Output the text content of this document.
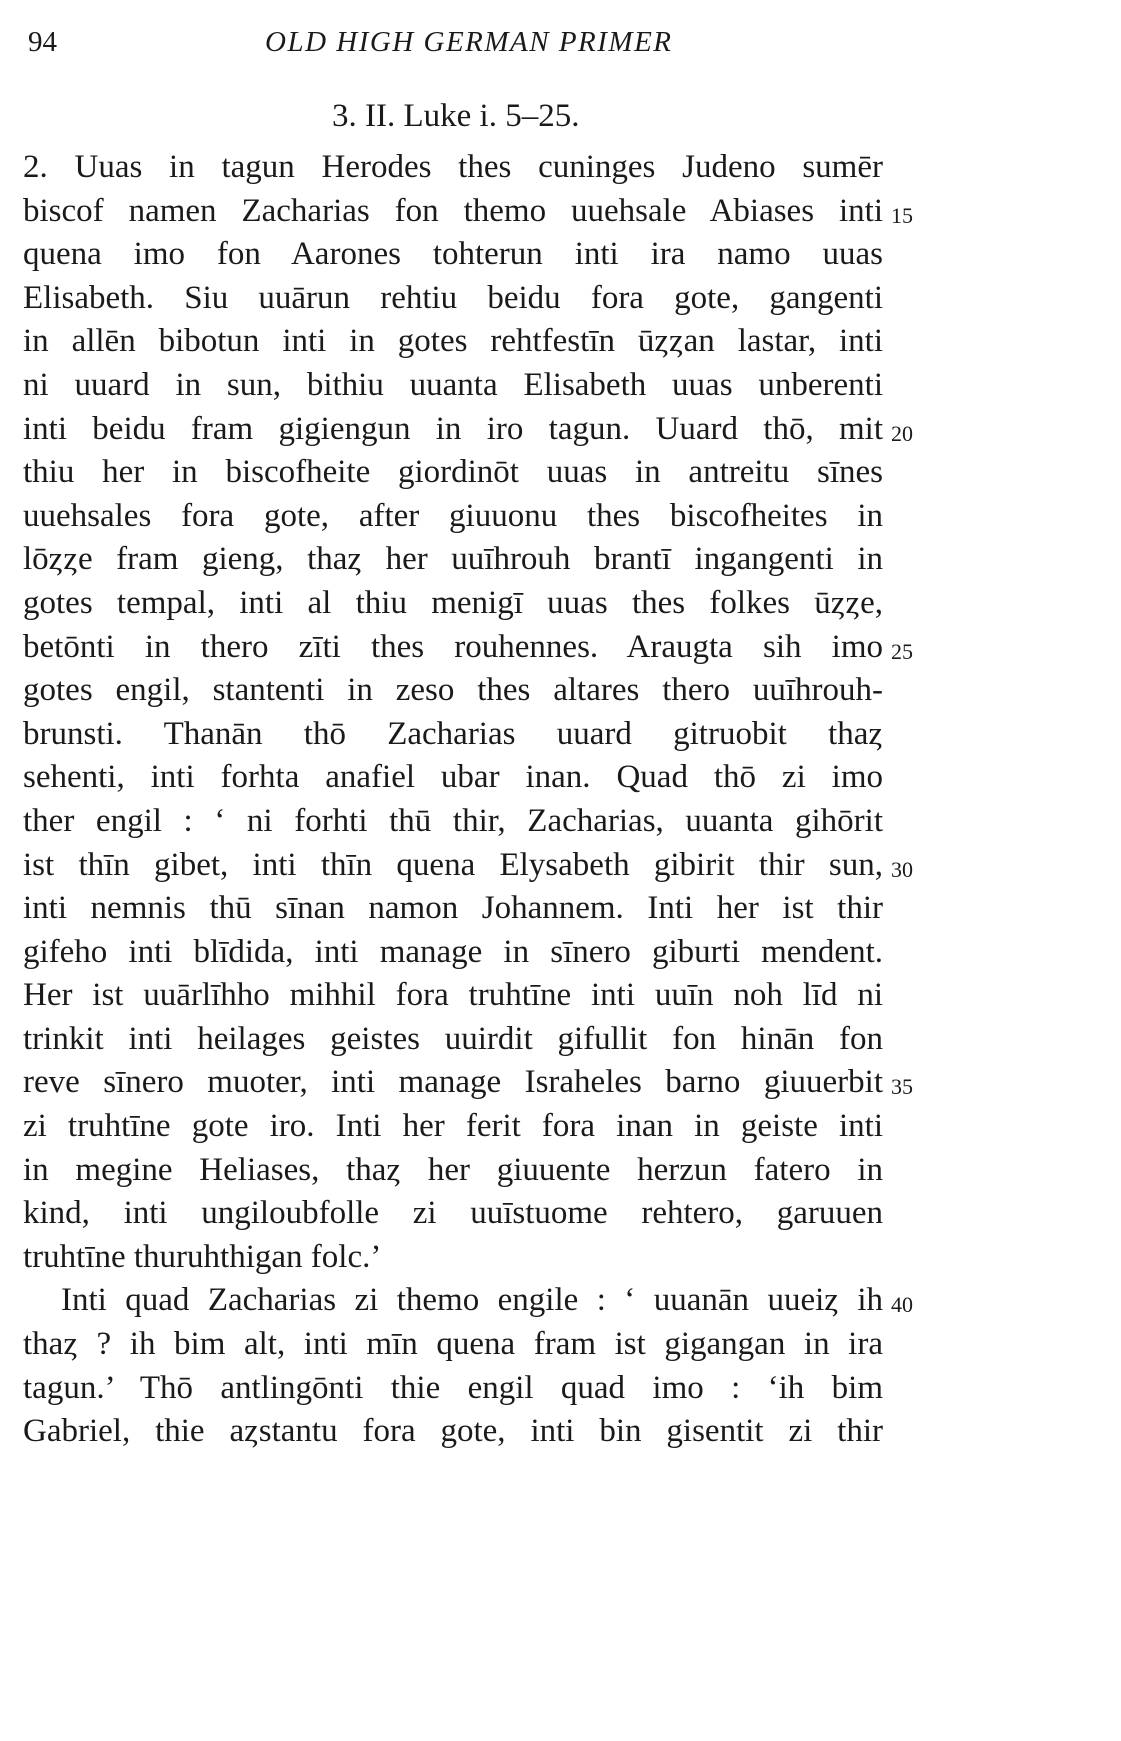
94	OLD HIGH GERMAN PRIMER
3. II. Luke i. 5–25.
2. Uuas in tagun Herodes thes cuninges Judeno sumēr
biscof namen Zacharias fon themo uuehsale Abiases inti 15
quena imo fon Aarones tohterun inti ira namo uuas
Elisabeth. Siu uuārun rehtiu beidu fora gote, gangenti
in allēn bibotun inti in gotes rehtfestīn ūȥȥan lastar, inti
ni uuard in sun, bithiu uuanta Elisabeth uuas unberenti
inti beidu fram gigiengun in iro tagun. Uuard thō, mit 20
thiu her in biscofheite giordinōt uuas in antreitu sīnes
uuehsales fora gote, after giuuonu thes biscofheites in
lōȥȥe fram gieng, thaȥ her uuīhrouh brantī ingangenti in
gotes tempal, inti al thiu menigī uuas thes folkes ūȥȥe,
betōnti in thero zīti thes rouhennes. Araugta sih imo 25
gotes engil, stantenti in zeso thes altares thero uuīhrouh-
brunsti. Thanān thō Zacharias uuard gitruobit thaȥ
sehenti, inti forhta anafiel ubar inan. Quad thō zi imo
ther engil : ‘ ni forhti thū thir, Zacharias, uuanta gihōrit
ist thīn gibet, inti thīn quena Elysabeth gibirit thir sun, 30
inti nemnis thū sīnan namon Johannem. Inti her ist thir
gifeho inti blīdida, inti manage in sīnero giburti mendent.
Her ist uuārlīhho mihhil fora truhtīne inti uuīn noh līd ni
trinkit inti heilages geistes uuirdit gifullit fon hinān fon
reve sīnero muoter, inti manage Israheles barno giuuerbit 35
zi truhtīne gote iro. Inti her ferit fora inan in geiste inti
in megine Heliases, thaȥ her giuuente herzun fatero in
kind, inti ungiloubfolle zi uuīstuome rehtero, garuuen
truhtīne thuruhthigan folc.’
Inti quad Zacharias zi themo engile : ‘ uuanān uueiȥ ih 40
thaȥ ? ih bim alt, inti mīn quena fram ist gigangan in ira
tagun.’ Thō antlingōnti thie engil quad imo : ‘ih bim
Gabriel, thie aȥstantu fora gote, inti bin gisentit zi thir
